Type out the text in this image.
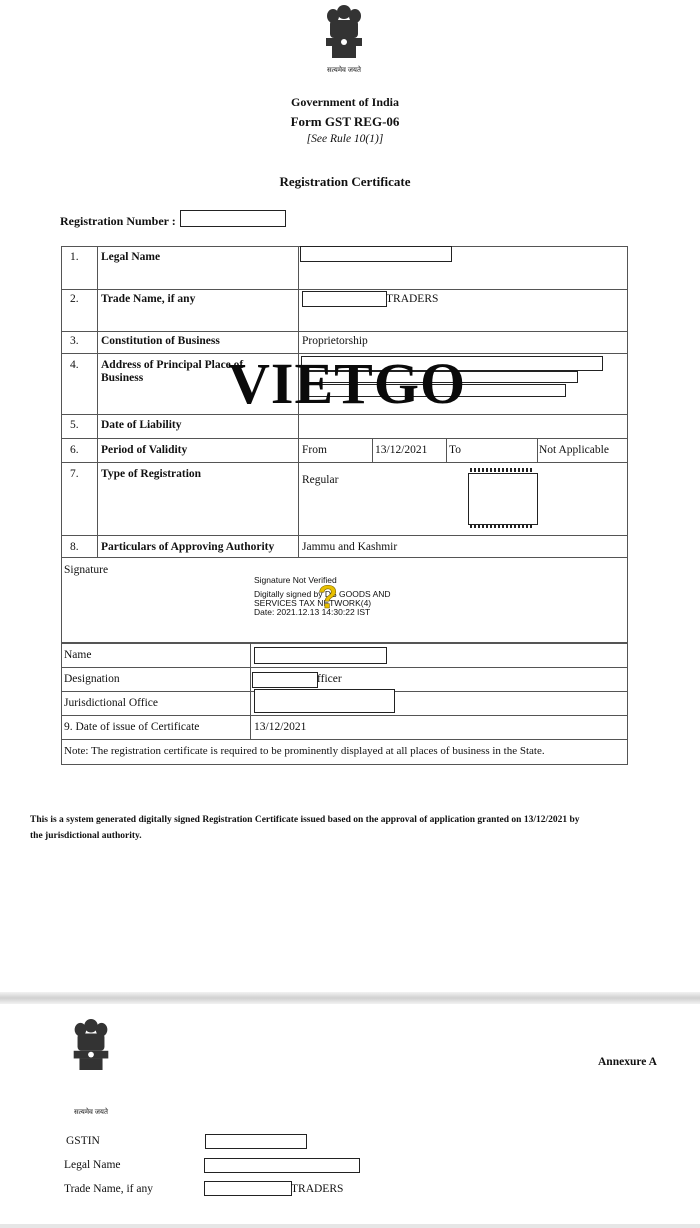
सत्यमेव जयते
Government of India
Form GST REG-06
[See Rule 10(1)]
Registration Certificate
Registration Number :
1. Legal Name
2. Trade Name, if any	TRADERS
3. Constitution of Business	Proprietorship
4. Address of Principal Place of Business	VIETGO
5. Date of Liability
6. Period of Validity	From	13/12/2021 To	Not Applicable
7. Type of Registration	Regular
8. Particulars of Approving Authority Jammu and Kashmir
Signature
Signature Not Verified
Digitally signed by DS GOODS AND
SERVICES TAX NETWORK(4)
Date: 2021.12.13 14:30:22 IST
?
Name
Designation	fficer
Jurisdictional Office
9. Date of issue of Certificate	13/12/2021
Note: The registration certificate is required to be prominently displayed at all places of business in the State.
This is a system generated digitally signed Registration Certificate issued based on the approval of application granted on 13/12/2021 by
the jurisdictional authority.
सत्यमेव जयते
Annexure A
GSTIN
Legal Name
Trade Name, if any	TRADERS
